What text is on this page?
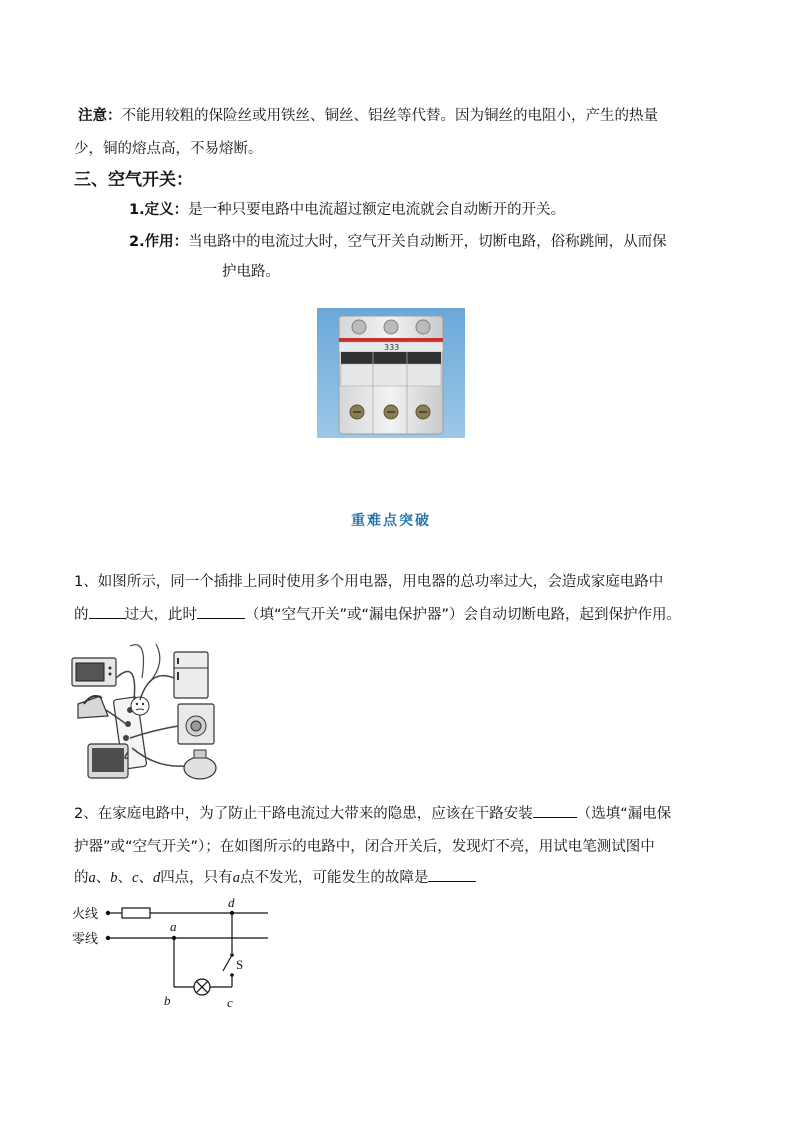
注意：不能用较粗的保险丝或用铁丝、铜丝、铝丝等代替。因为铜丝的电阻小，产生的热量
少，铜的熔点高，不易熔断。
三、空气开关：
1.定义：是一种只要电路中电流超过额定电流就会自动断开的开关。
2.作用：当电路中的电流过大时，空气开关自动断开，切断电路，俗称跳闸，从而保
护电路。
333
重难点突破
1、如图所示，同一个插排上同时使用多个用电器，用电器的总功率过大，会造成家庭电路中
的 过大，此时	（填“空气开关”或“漏电保护器”）会自动切断电路，起到保护作用。
2、在家庭电路中，为了防止干路电流过大带来的隐患，应该在干路安装	（选填“漏电保
护器”或“空气开关”）；在如图所示的电路中，闭合开关后，发现灯不亮，用试电笔测试图中
的a、b、c、d四点，只有a点不发光，可能发生的故障是
火线
零线
a
d
S
b	c
